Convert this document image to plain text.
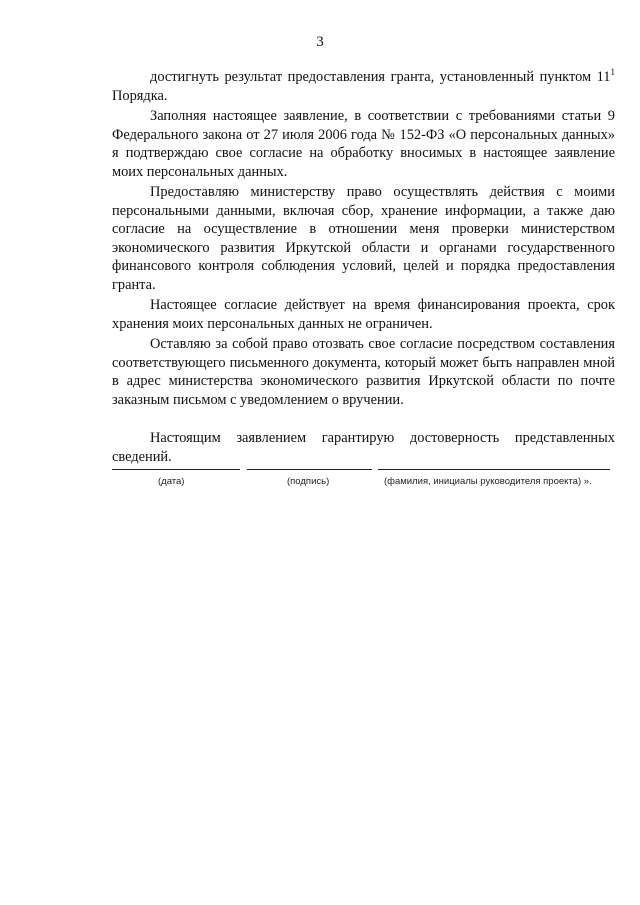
3

достигнуть результат предоставления гранта, установленный пунктом $11^1$ Порядка.

Заполняя настоящее заявление, в соответствии с требованиями статьи 9 Федерального закона от 27 июля 2006 года № 152-ФЗ «О персональных данных» я подтверждаю свое согласие на обработку вносимых в настоящее заявление моих персональных данных.

Предоставляю министерству право осуществлять действия с моими персональными данными, включая сбор, хранение информации, а также даю согласие на осуществление в отношении меня проверки министерством экономического развития Иркутской области и органами государственного финансового контроля соблюдения условий, целей и порядка предоставления гранта.

Настоящее согласие действует на время финансирования проекта, срок хранения моих персональных данных не ограничен.

Оставляю за собой право отозвать свое согласие посредством составления соответствующего письменного документа, который может быть направлен мной в адрес министерства экономического развития Иркутской области по почте заказным письмом с уведомлением о вручении.

Настоящим заявлением гарантирую достоверность представленных сведений.

(дата)	(подпись)	(фамилия, инициалы руководителя проекта) ».
